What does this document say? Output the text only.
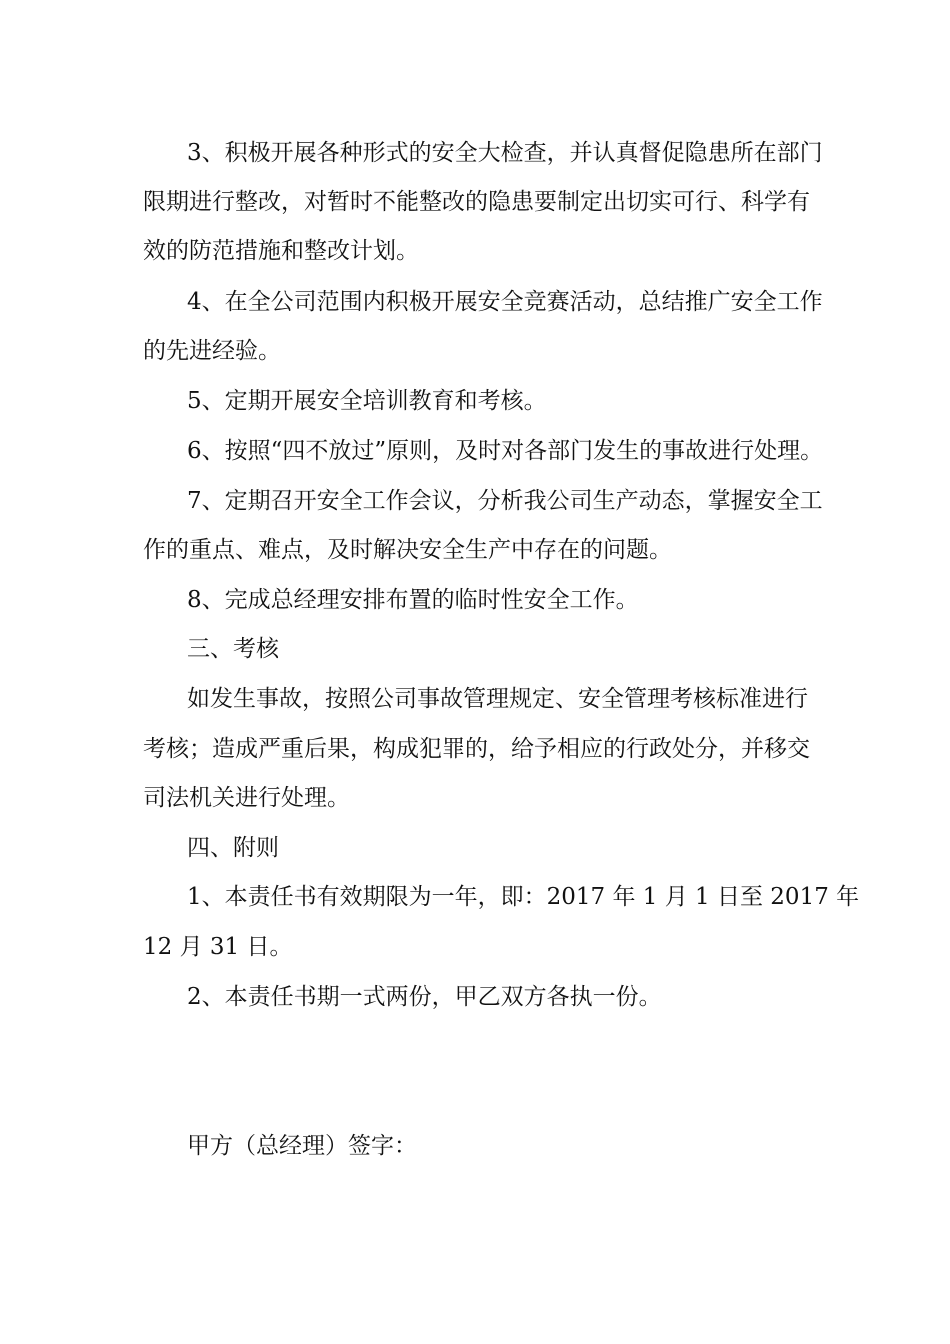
3、积极开展各种形式的安全大检查，并认真督促隐患所在部门
限期进行整改，对暂时不能整改的隐患要制定出切实可行、科学有
效的防范措施和整改计划。
4、在全公司范围内积极开展安全竞赛活动，总结推广安全工作
的先进经验。
5、定期开展安全培训教育和考核。
6、按照“四不放过”原则，及时对各部门发生的事故进行处理。
7、定期召开安全工作会议，分析我公司生产动态，掌握安全工
作的重点、难点，及时解决安全生产中存在的问题。
8、完成总经理安排布置的临时性安全工作。
三、考核
如发生事故，按照公司事故管理规定、安全管理考核标准进行
考核；造成严重后果，构成犯罪的，给予相应的行政处分，并移交
司法机关进行处理。
四、附则
1、本责任书有效期限为一年，即：2017 年 1 月 1 日至 2017 年
12 月 31 日。
2、本责任书期一式两份，甲乙双方各执一份。
甲方（总经理）签字：
